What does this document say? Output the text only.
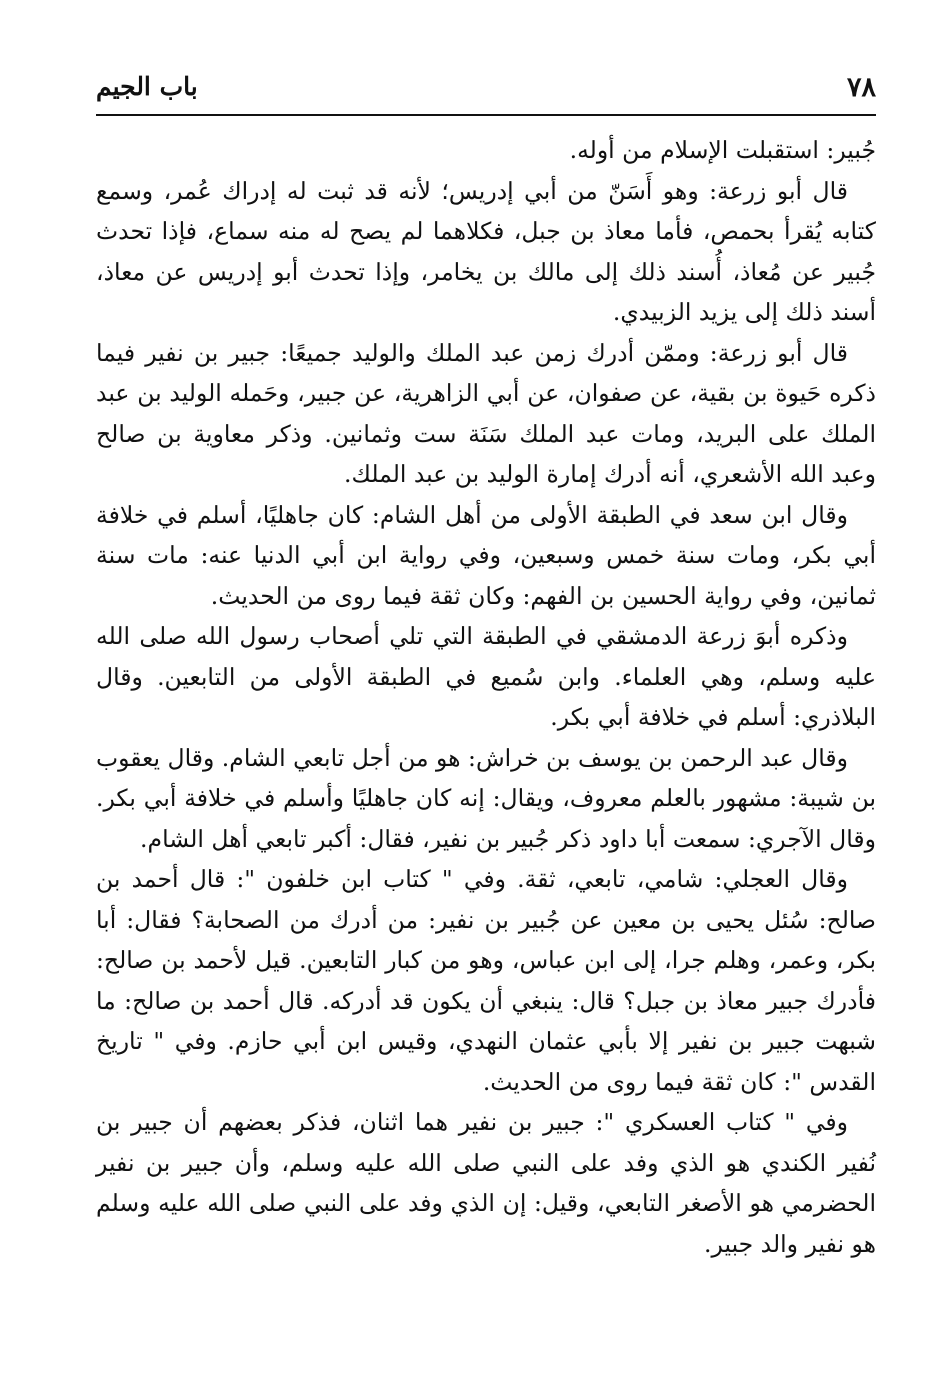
٧٨
باب الجيم

جُبير: استقبلت الإسلام من أوله.

قال أبو زرعة: وهو أَسَنّ من أبي إدريس؛ لأنه قد ثبت له إدراك عُمر، وسمع كتابه يُقرأ بحمص، فأما معاذ بن جبل، فكلاهما لم يصح له منه سماع، فإذا تحدث جُبير عن مُعاذ، أُسند ذلك إلى مالك بن يخامر، وإذا تحدث أبو إدريس عن معاذ، أسند ذلك إلى يزيد الزبيدي.

قال أبو زرعة: وممّن أدرك زمن عبد الملك والوليد جميعًا: جبير بن نفير فيما ذكره حَيوة بن بقية، عن صفوان، عن أبي الزاهرية، عن جبير، وحَمله الوليد بن عبد الملك على البريد، ومات عبد الملك سَنَة ست وثمانين. وذكر معاوية بن صالح وعبد الله الأشعري، أنه أدرك إمارة الوليد بن عبد الملك.

وقال ابن سعد في الطبقة الأولى من أهل الشام: كان جاهليًا، أسلم في خلافة أبي بكر، ومات سنة خمس وسبعين، وفي رواية ابن أبي الدنيا عنه: مات سنة ثمانين، وفي رواية الحسين بن الفهم: وكان ثقة فيما روى من الحديث.

وذكره أبوَ زرعة الدمشقي في الطبقة التي تلي أصحاب رسول الله صلى الله عليه وسلم، وهي العلماء. وابن سُميع في الطبقة الأولى من التابعين. وقال البلاذري: أسلم في خلافة أبي بكر.

وقال عبد الرحمن بن يوسف بن خراش: هو من أجل تابعي الشام. وقال يعقوب بن شيبة: مشهور بالعلم معروف، ويقال: إنه كان جاهليًا وأسلم في خلافة أبي بكر. وقال الآجري: سمعت أبا داود ذكر جُبير بن نفير، فقال: أكبر تابعي أهل الشام.

وقال العجلي: شامي، تابعي، ثقة. وفي " كتاب ابن خلفون ": قال أحمد بن صالح: سُئل يحيى بن معين عن جُبير بن نفير: من أدرك من الصحابة؟ فقال: أبا بكر، وعمر، وهلم جرا، إلى ابن عباس، وهو من كبار التابعين. قيل لأحمد بن صالح: فأدرك جبير معاذ بن جبل؟ قال: ينبغي أن يكون قد أدركه. قال أحمد بن صالح: ما شبهت جبير بن نفير إلا بأبي عثمان النهدي، وقيس ابن أبي حازم. وفي " تاريخ القدس ": كان ثقة فيما روى من الحديث.

وفي " كتاب العسكري ": جبير بن نفير هما اثنان، فذكر بعضهم أن جبير بن نُفير الكندي هو الذي وفد على النبي صلى الله عليه وسلم، وأن جبير بن نفير الحضرمي هو الأصغر التابعي، وقيل: إن الذي وفد على النبي صلى الله عليه وسلم هو نفير والد جبير.
